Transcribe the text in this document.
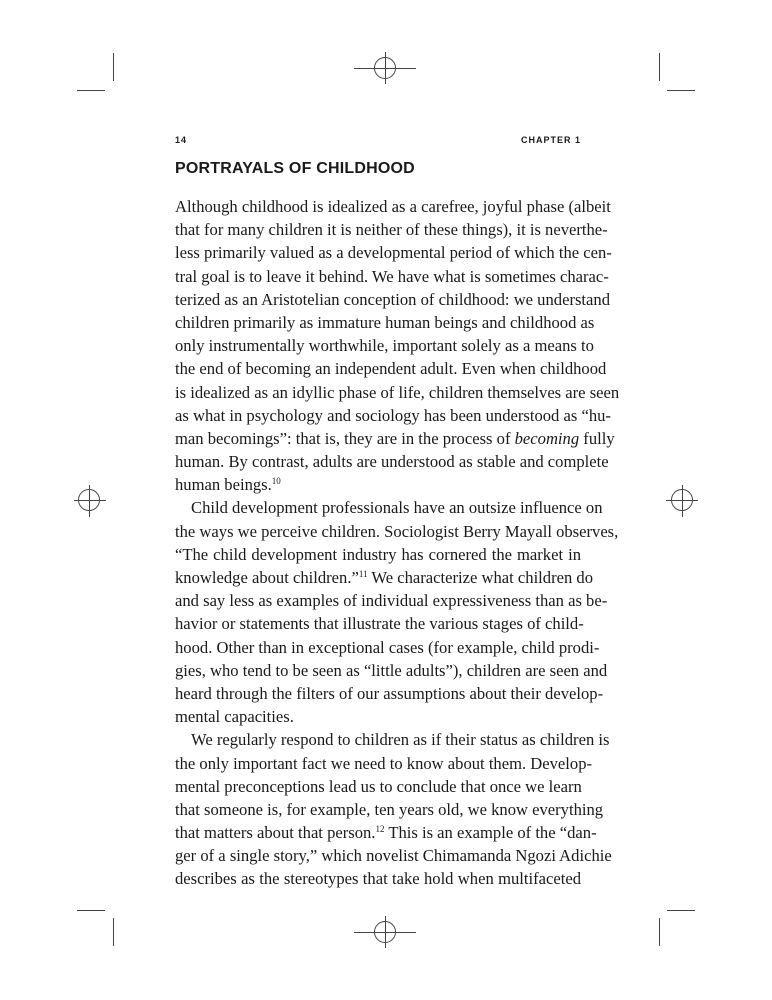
14	CHAPTER 1
PORTRAYALS OF CHILDHOOD
Although childhood is idealized as a carefree, joyful phase (albeit
that for many children it is neither of these things), it is neverthe-
less primarily valued as a developmental period of which the cen-
tral goal is to leave it behind. We have what is sometimes charac-
terized as an Aristotelian conception of childhood: we understand
children primarily as immature human beings and childhood as
only instrumentally worthwhile, important solely as a means to
the end of becoming an independent adult. Even when childhood
is idealized as an idyllic phase of life, children themselves are seen
as what in psychology and sociology has been understood as “hu-
man becomings”: that is, they are in the process of becoming fully
human. By contrast, adults are understood as stable and complete
human beings.$^{10}$
Child development professionals have an outsize influence on
the ways we perceive children. Sociologist Berry Mayall observes,
“The child development industry has cornered the market in
knowledge about children.”$^{11}$ We characterize what children do
and say less as examples of individual expressiveness than as be-
havior or statements that illustrate the various stages of child-
hood. Other than in exceptional cases (for example, child prodi-
gies, who tend to be seen as “little adults”), children are seen and
heard through the filters of our assumptions about their develop-
mental capacities.
We regularly respond to children as if their status as children is
the only important fact we need to know about them. Develop-
mental preconceptions lead us to conclude that once we learn
that someone is, for example, ten years old, we know everything
that matters about that person.$^{12}$ This is an example of the “dan-
ger of a single story,” which novelist Chimamanda Ngozi Adichie
describes as the stereotypes that take hold when multifaceted
